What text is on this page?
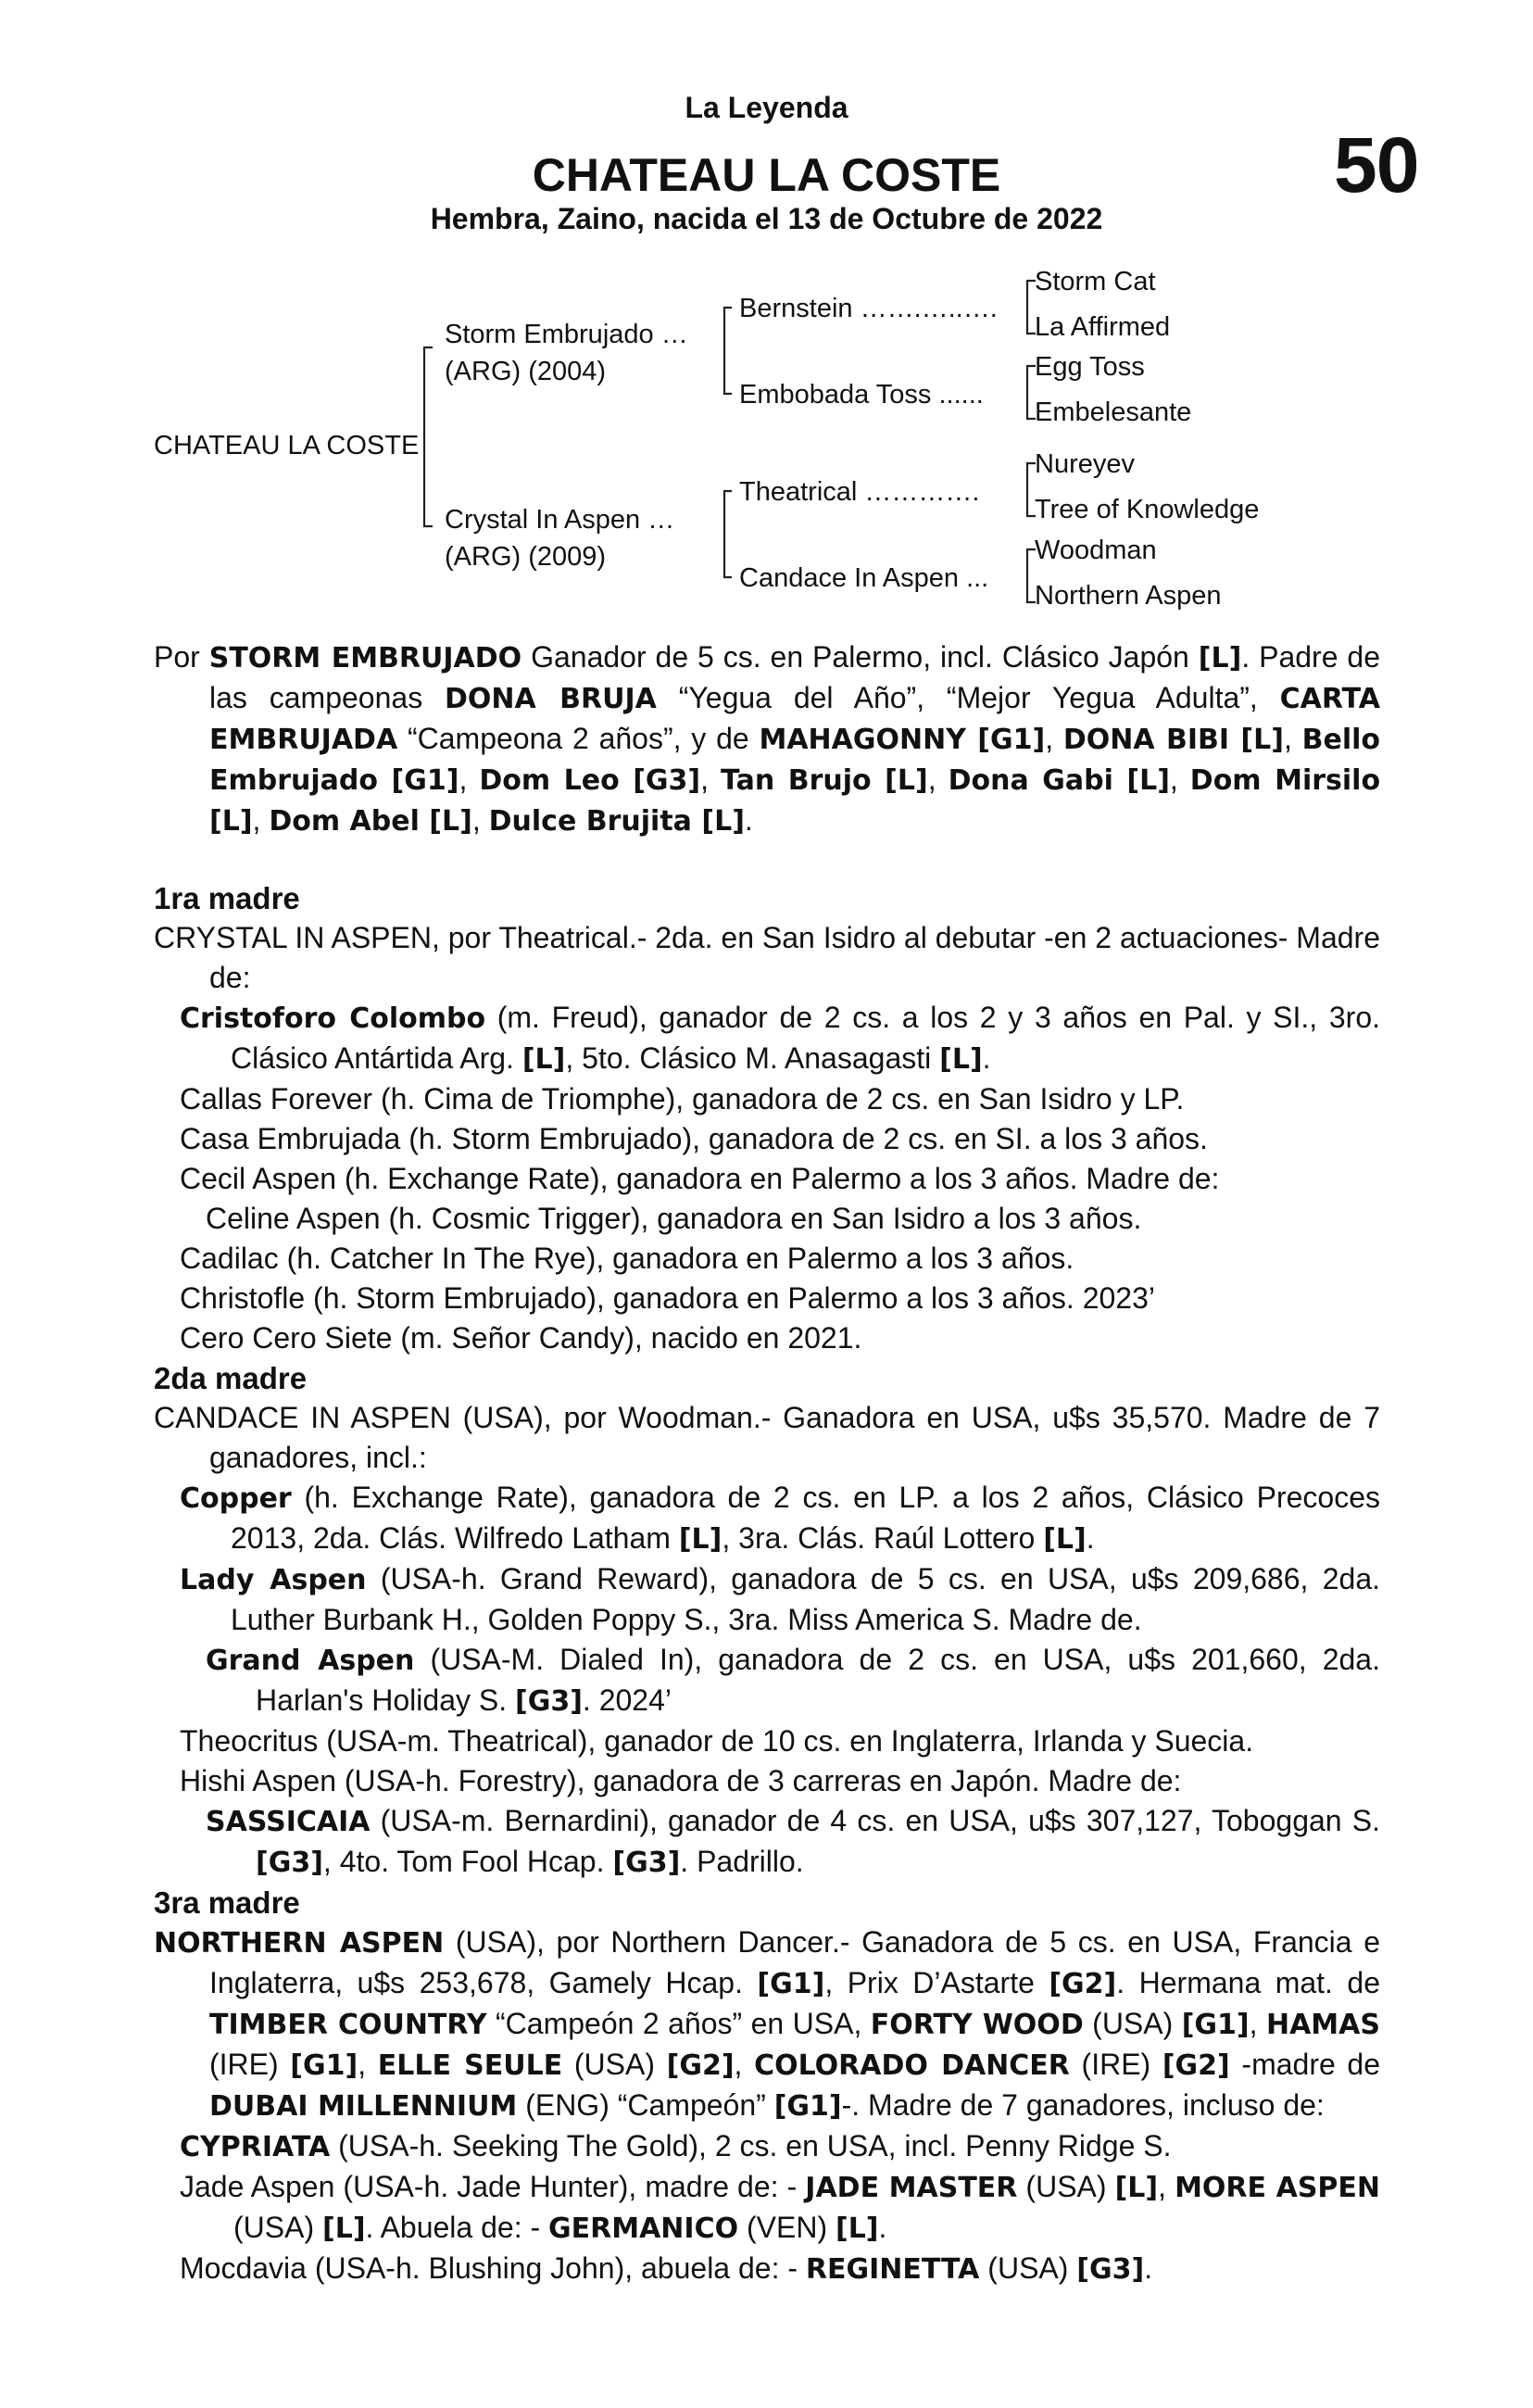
La Leyenda
50
CHATEAU LA COSTE
Hembra, Zaino, nacida el 13 de Octubre de 2022
CHATEAU LA COSTE
Storm Embrujado …
(ARG) (2004)
Crystal In Aspen …
(ARG) (2009)
Bernstein …….…..….
Embobada Toss ......
Theatrical ………….
Candace In Aspen ...
Storm Cat
La Affirmed
Egg Toss
Embelesante
Nureyev
Tree of Knowledge
Woodman
Northern Aspen
Por STORM EMBRUJADO Ganador de 5 cs. en Palermo, incl. Clásico Japón [L]. Padre de las campeonas DONA BRUJA “Yegua del Año”, “Mejor Yegua Adulta”, CARTA EMBRUJADA “Campeona 2 años”, y de MAHAGONNY [G1], DONA BIBI [L], Bello Embrujado [G1], Dom Leo [G3], Tan Brujo [L], Dona Gabi [L], Dom Mirsilo [L], Dom Abel [L], Dulce Brujita [L].
1ra madre
CRYSTAL IN ASPEN, por Theatrical.- 2da. en San Isidro al debutar -en 2 actuaciones- Madre de:
Cristoforo Colombo (m. Freud), ganador de 2 cs. a los 2 y 3 años en Pal. y SI., 3ro. Clásico Antártida Arg. [L], 5to. Clásico M. Anasagasti [L].
Callas Forever (h. Cima de Triomphe), ganadora de 2 cs. en San Isidro y LP.
Casa Embrujada (h. Storm Embrujado), ganadora de 2 cs. en SI. a los 3 años.
Cecil Aspen (h. Exchange Rate), ganadora en Palermo a los 3 años. Madre de:
Celine Aspen (h. Cosmic Trigger), ganadora en San Isidro a los 3 años.
Cadilac (h. Catcher In The Rye), ganadora en Palermo a los 3 años.
Christofle (h. Storm Embrujado), ganadora en Palermo a los 3 años. 2023’
Cero Cero Siete (m. Señor Candy), nacido en 2021.
2da madre
CANDACE IN ASPEN (USA), por Woodman.- Ganadora en USA, u$s 35,570. Madre de 7 ganadores, incl.:
Copper (h. Exchange Rate), ganadora de 2 cs. en LP. a los 2 años, Clásico Precoces 2013, 2da. Clás. Wilfredo Latham [L], 3ra. Clás. Raúl Lottero [L].
Lady Aspen (USA-h. Grand Reward), ganadora de 5 cs. en USA, u$s 209,686, 2da. Luther Burbank H., Golden Poppy S., 3ra. Miss America S. Madre de.
Grand Aspen (USA-M. Dialed In), ganadora de 2 cs. en USA, u$s 201,660, 2da. Harlan's Holiday S. [G3]. 2024’
Theocritus (USA-m. Theatrical), ganador de 10 cs. en Inglaterra, Irlanda y Suecia.
Hishi Aspen (USA-h. Forestry), ganadora de 3 carreras en Japón. Madre de:
SASSICAIA (USA-m. Bernardini), ganador de 4 cs. en USA, u$s 307,127, Toboggan S. [G3], 4to. Tom Fool Hcap. [G3]. Padrillo.
3ra madre
NORTHERN ASPEN (USA), por Northern Dancer.- Ganadora de 5 cs. en USA, Francia e Inglaterra, u$s 253,678, Gamely Hcap. [G1], Prix D’Astarte [G2]. Hermana mat. de TIMBER COUNTRY “Campeón 2 años” en USA, FORTY WOOD (USA) [G1], HAMAS (IRE) [G1], ELLE SEULE (USA) [G2], COLORADO DANCER (IRE) [G2] -madre de DUBAI MILLENNIUM (ENG) “Campeón” [G1]-. Madre de 7 ganadores, incluso de:
CYPRIATA (USA-h. Seeking The Gold), 2 cs. en USA, incl. Penny Ridge S.
Jade Aspen (USA-h. Jade Hunter), madre de: - JADE MASTER (USA) [L], MORE ASPEN (USA) [L]. Abuela de: - GERMANICO (VEN) [L].
Mocdavia (USA-h. Blushing John), abuela de: - REGINETTA (USA) [G3].
